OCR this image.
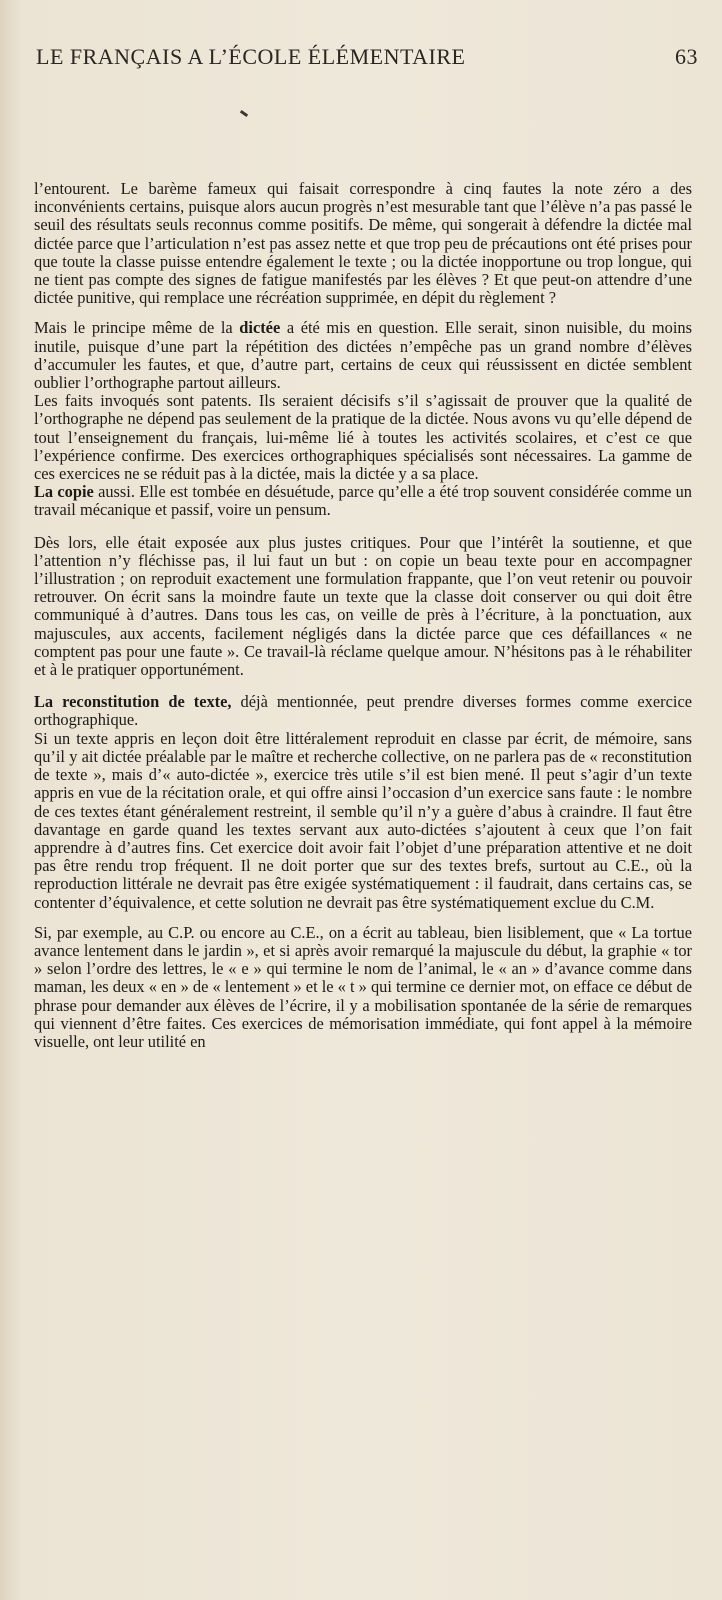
LE FRANÇAIS A L’ÉCOLE ÉLÉMENTAIRE	63

l’entourent. Le barème fameux qui faisait correspondre à cinq fautes la note zéro a des inconvénients certains, puisque alors aucun progrès n’est mesurable tant que l’élève n’a pas passé le seuil des résultats seuls reconnus comme positifs. De même, qui songerait à défendre la dictée mal dictée parce que l’articulation n’est pas assez nette et que trop peu de précautions ont été prises pour que toute la classe puisse entendre également le texte ; ou la dictée inopportune ou trop longue, qui ne tient pas compte des signes de fatigue manifestés par les élèves ? Et que peut-on attendre d’une dictée punitive, qui remplace une récréation supprimée, en dépit du règlement ?

Mais le principe même de la dictée a été mis en question. Elle serait, sinon nuisible, du moins inutile, puisque d’une part la répétition des dictées n’empêche pas un grand nombre d’élèves d’accumuler les fautes, et que, d’autre part, certains de ceux qui réussissent en dictée semblent oublier l’orthographe partout ailleurs.

Les faits invoqués sont patents. Ils seraient décisifs s’il s’agissait de prouver que la qualité de l’orthographe ne dépend pas seulement de la pratique de la dictée. Nous avons vu qu’elle dépend de tout l’enseignement du français, lui-même lié à toutes les activités scolaires, et c’est ce que l’expérience confirme. Des exercices orthographiques spécialisés sont nécessaires. La gamme de ces exercices ne se réduit pas à la dictée, mais la dictée y a sa place.

La copie aussi. Elle est tombée en désuétude, parce qu’elle a été trop souvent considérée comme un travail mécanique et passif, voire un pensum.

Dès lors, elle était exposée aux plus justes critiques. Pour que l’intérêt la soutienne, et que l’attention n’y fléchisse pas, il lui faut un but : on copie un beau texte pour en accompagner l’illustration ; on reproduit exactement une formulation frappante, que l’on veut retenir ou pouvoir retrouver. On écrit sans la moindre faute un texte que la classe doit conserver ou qui doit être communiqué à d’autres. Dans tous les cas, on veille de près à l’écriture, à la ponctuation, aux majuscules, aux accents, facilement négligés dans la dictée parce que ces défaillances « ne comptent pas pour une faute ». Ce travail-là réclame quelque amour. N’hésitons pas à le réhabiliter et à le pratiquer opportunément.

La reconstitution de texte, déjà mentionnée, peut prendre diverses formes comme exercice orthographique.

Si un texte appris en leçon doit être littéralement reproduit en classe par écrit, de mémoire, sans qu’il y ait dictée préalable par le maître et recherche collective, on ne parlera pas de « reconstitution de texte », mais d’« auto-dictée », exercice très utile s’il est bien mené. Il peut s’agir d’un texte appris en vue de la récitation orale, et qui offre ainsi l’occasion d’un exercice sans faute : le nombre de ces textes étant généralement restreint, il semble qu’il n’y a guère d’abus à craindre. Il faut être davantage en garde quand les textes servant aux auto-dictées s’ajoutent à ceux que l’on fait apprendre à d’autres fins. Cet exercice doit avoir fait l’objet d’une préparation attentive et ne doit pas être rendu trop fréquent. Il ne doit porter que sur des textes brefs, surtout au C.E., où la reproduction littérale ne devrait pas être exigée systématiquement : il faudrait, dans certains cas, se contenter d’équivalence, et cette solution ne devrait pas être systématiquement exclue du C.M.

Si, par exemple, au C.P. ou encore au C.E., on a écrit au tableau, bien lisiblement, que « La tortue avance lentement dans le jardin », et si après avoir remarqué la majuscule du début, la graphie « tor » selon l’ordre des lettres, le « e » qui termine le nom de l’animal, le « an » d’avance comme dans maman, les deux « en » de « lentement » et le « t » qui termine ce dernier mot, on efface ce début de phrase pour demander aux élèves de l’écrire, il y a mobilisation spontanée de la série de remarques qui viennent d’être faites. Ces exercices de mémorisation immédiate, qui font appel à la mémoire visuelle, ont leur utilité en
